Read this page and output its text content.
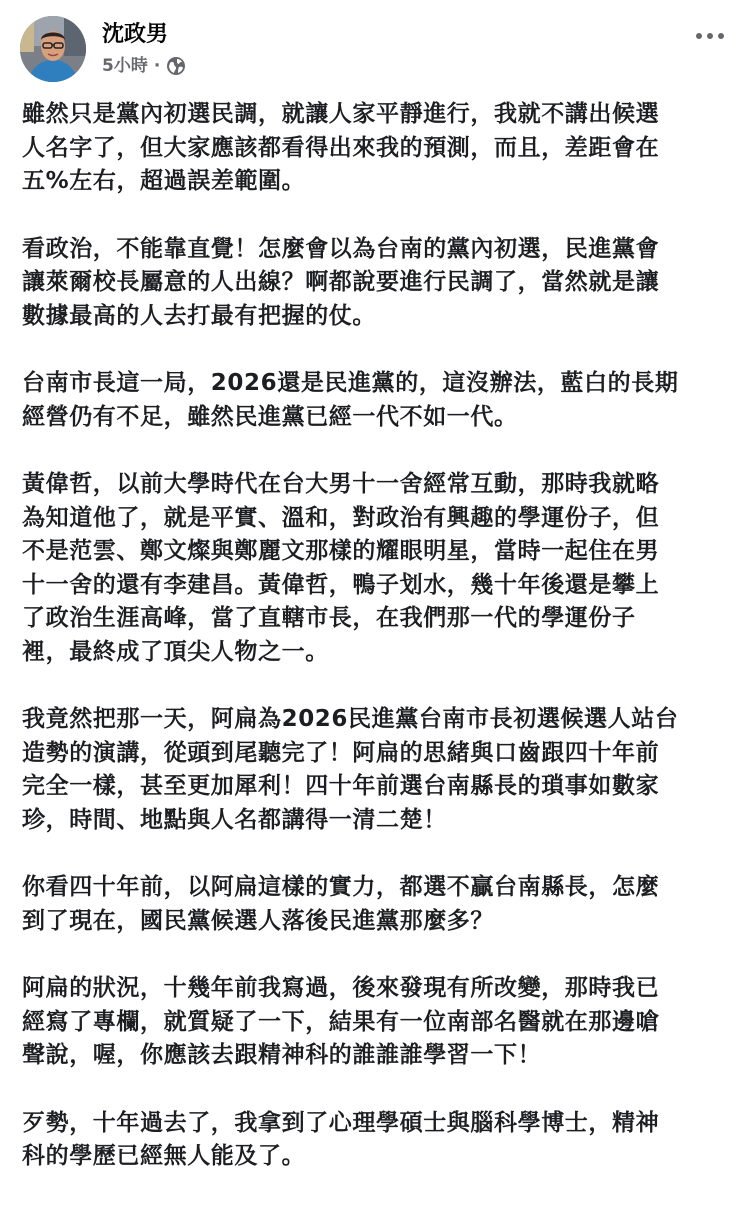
沈政男
5小時 ·
雖然只是黨內初選民調，就讓人家平靜進行，我就不講出候選
人名字了，但大家應該都看得出來我的預測，而且，差距會在
五%左右，超過誤差範圍。
看政治，不能靠直覺！怎麼會以為台南的黨內初選，民進黨會
讓萊爾校長屬意的人出線？啊都說要進行民調了，當然就是讓
數據最高的人去打最有把握的仗。
台南市長這一局，2026還是民進黨的，這沒辦法，藍白的長期
經營仍有不足，雖然民進黨已經一代不如一代。
黃偉哲，以前大學時代在台大男十一舍經常互動，那時我就略
為知道他了，就是平實、溫和，對政治有興趣的學運份子，但
不是范雲、鄭文燦與鄭麗文那樣的耀眼明星，當時一起住在男
十一舍的還有李建昌。黃偉哲，鴨子划水，幾十年後還是攀上
了政治生涯高峰，當了直轄市長，在我們那一代的學運份子
裡，最終成了頂尖人物之一。
我竟然把那一天，阿扁為2026民進黨台南市長初選候選人站台
造勢的演講，從頭到尾聽完了！阿扁的思緒與口齒跟四十年前
完全一樣，甚至更加犀利！四十年前選台南縣長的瑣事如數家
珍，時間、地點與人名都講得一清二楚！
你看四十年前，以阿扁這樣的實力，都選不贏台南縣長，怎麼
到了現在，國民黨候選人落後民進黨那麼多？
阿扁的狀況，十幾年前我寫過，後來發現有所改變，那時我已
經寫了專欄，就質疑了一下，結果有一位南部名醫就在那邊嗆
聲說，喔，你應該去跟精神科的誰誰誰學習一下！
歹勢，十年過去了，我拿到了心理學碩士與腦科學博士，精神
科的學歷已經無人能及了。
